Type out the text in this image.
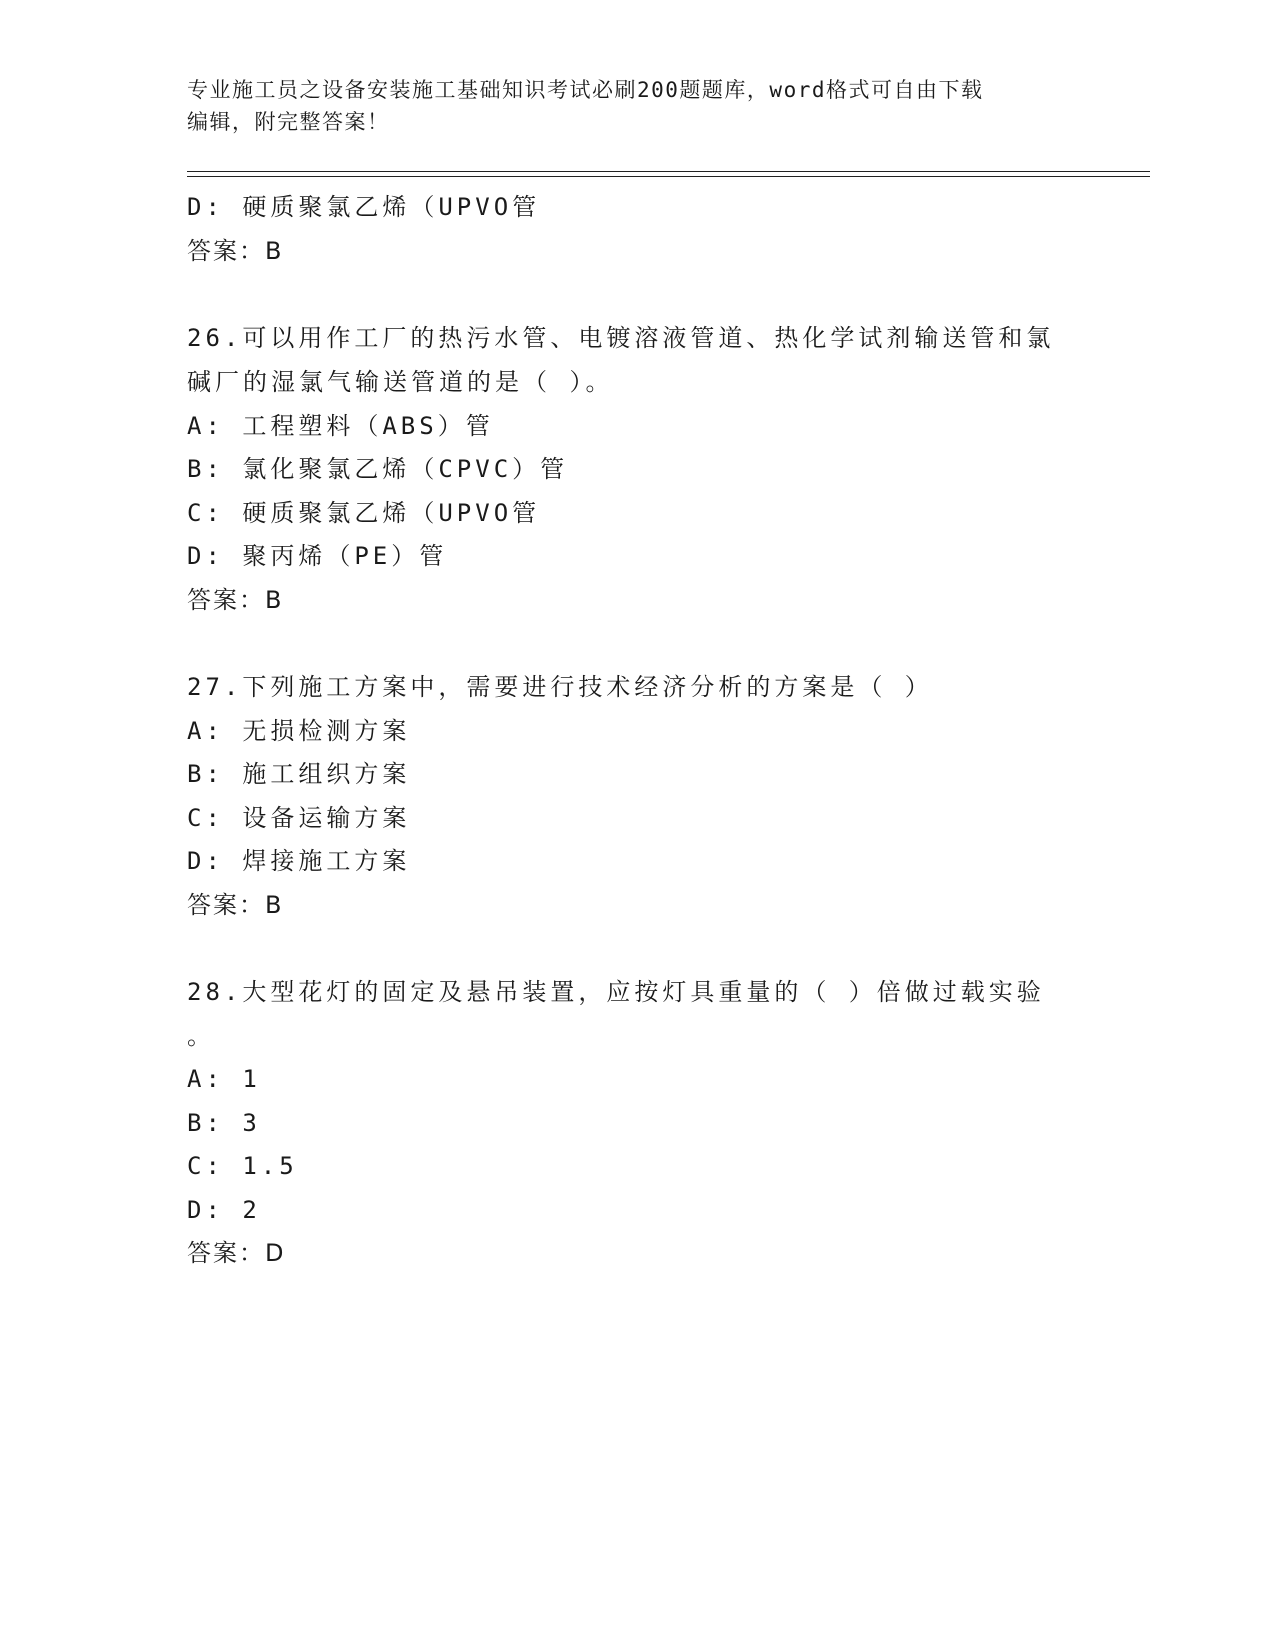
专业施工员之设备安装施工基础知识考试必刷200题题库，word格式可自由下载
编辑，附完整答案！
D: 硬质聚氯乙烯（UPVO管
答案：B
26.可以用作工厂的热污水管、电镀溶液管道、热化学试剂输送管和氯
碱厂的湿氯气输送管道的是（ ）。
A: 工程塑料（ABS）管
B: 氯化聚氯乙烯（CPVC）管
C: 硬质聚氯乙烯（UPVO管
D: 聚丙烯（PE）管
答案：B
27.下列施工方案中，需要进行技术经济分析的方案是（ ）
A: 无损检测方案
B: 施工组织方案
C: 设备运输方案
D: 焊接施工方案
答案：B
28.大型花灯的固定及悬吊装置，应按灯具重量的（ ）倍做过载实验
。
A: 1
B: 3
C: 1.5
D: 2
答案：D
